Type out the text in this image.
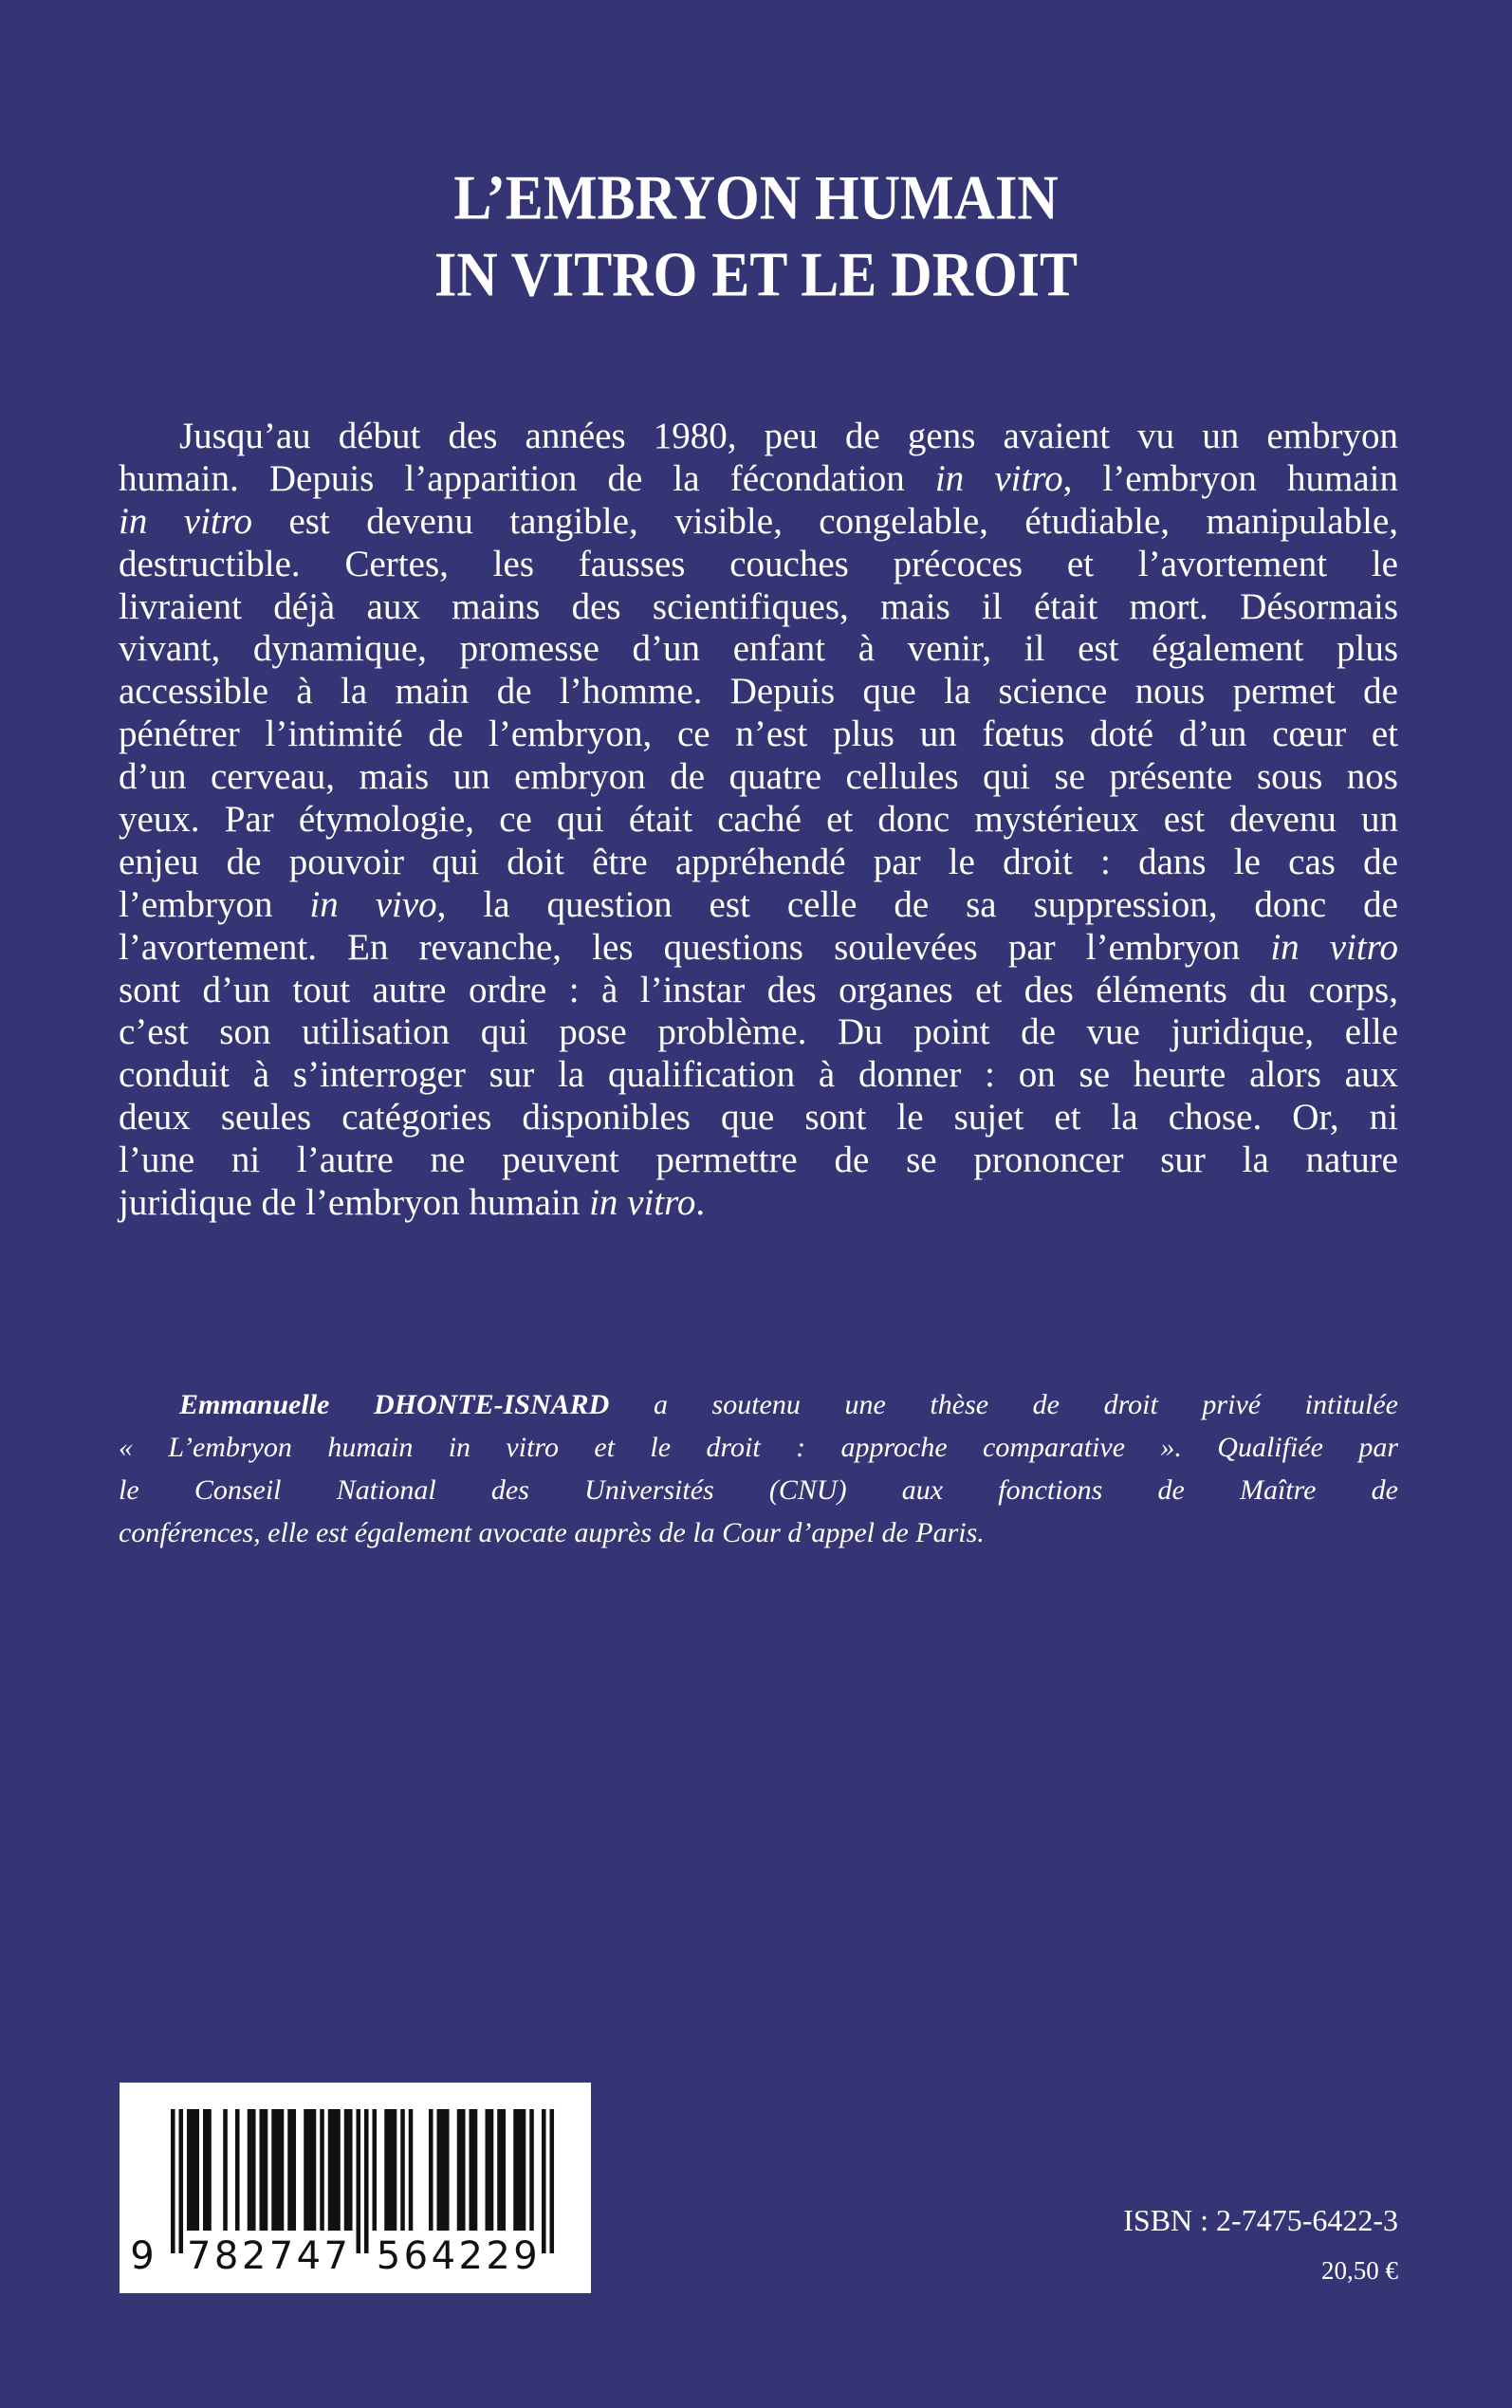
L’EMBRYON HUMAIN
IN VITRO ET LE DROIT
Jusqu’au début des années 1980, peu de gens avaient vu un embryon
humain. Depuis l’apparition de la fécondation in vitro, l’embryon humain
in vitro est devenu tangible, visible, congelable, étudiable, manipulable,
destructible. Certes, les fausses couches précoces et l’avortement le
livraient déjà aux mains des scientifiques, mais il était mort. Désormais
vivant, dynamique, promesse d’un enfant à venir, il est également plus
accessible à la main de l’homme. Depuis que la science nous permet de
pénétrer l’intimité de l’embryon, ce n’est plus un fœtus doté d’un cœur et
d’un cerveau, mais un embryon de quatre cellules qui se présente sous nos
yeux. Par étymologie, ce qui était caché et donc mystérieux est devenu un
enjeu de pouvoir qui doit être appréhendé par le droit : dans le cas de
l’embryon in vivo, la question est celle de sa suppression, donc de
l’avortement. En revanche, les questions soulevées par l’embryon in vitro
sont d’un tout autre ordre : à l’instar des organes et des éléments du corps,
c’est son utilisation qui pose problème. Du point de vue juridique, elle
conduit à s’interroger sur la qualification à donner : on se heurte alors aux
deux seules catégories disponibles que sont le sujet et la chose. Or, ni
l’une ni l’autre ne peuvent permettre de se prononcer sur la nature
juridique de l’embryon humain in vitro.
Emmanuelle DHONTE-ISNARD a soutenu une thèse de droit privé intitulée
« L’embryon humain in vitro et le droit : approche comparative ». Qualifiée par
le Conseil National des Universités (CNU) aux fonctions de Maître de
conférences, elle est également avocate auprès de la Cour d’appel de Paris.
9 782747 564229
ISBN : 2-7475-6422-3
20,50 €
